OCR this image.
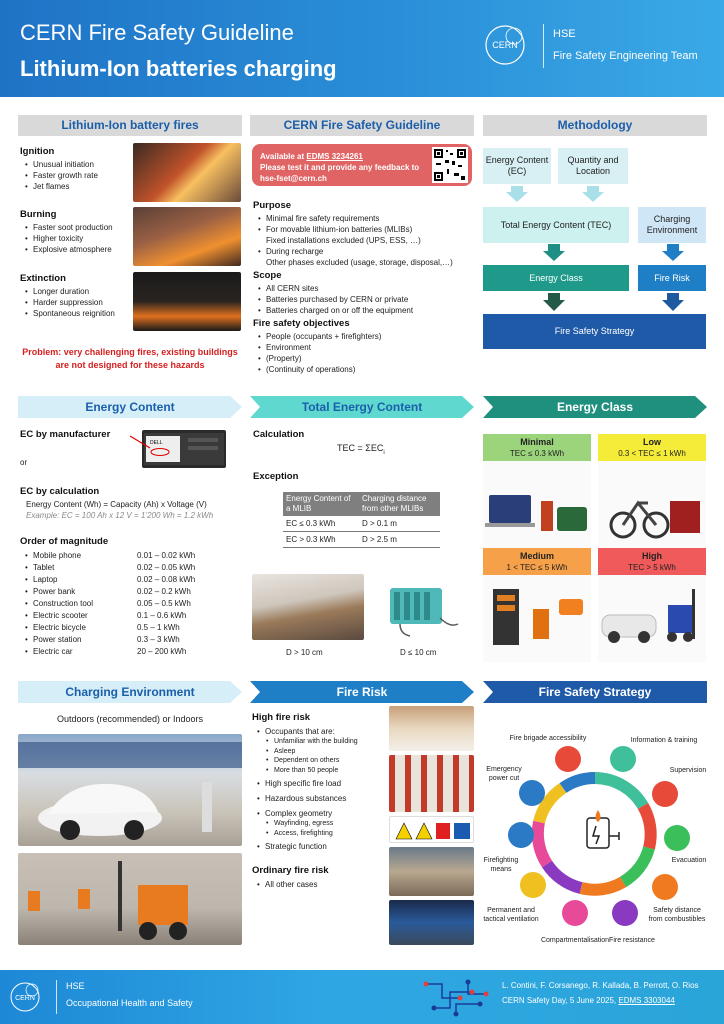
CERN Fire Safety Guideline
Lithium-Ion batteries charging
CERN
HSE
Fire Safety Engineering Team
Lithium-Ion battery fires
Ignition
• Unusual initiation
• Faster growth rate
• Jet flames
Burning
• Faster soot production
• Higher toxicity
• Explosive atmosphere
Extinction
• Longer duration
• Harder suppression
• Spontaneous reignition
Problem: very challenging fires, existing buildings are not designed for these hazards
CERN Fire Safety Guideline
Available at EDMS 3234261
Please test it and provide any feedback to hse-fset@cern.ch
Purpose
• Minimal fire safety requirements
• For movable lithium-ion batteries (MLIBs)
Fixed installations excluded (UPS, ESS, …)
• During recharge
Other phases excluded (usage, storage, disposal,…)
Scope
• All CERN sites
• Batteries purchased by CERN or private
• Batteries charged on or off the equipment
Fire safety objectives
• People (occupants + firefighters)
• Environment
• (Property)
• (Continuity of operations)
Methodology
Energy Content (EC)
Quantity and Location
Total Energy Content (TEC)
Charging Environment
Energy Class	Fire Risk
Fire Safety Strategy
Energy Content	Total Energy Content	Energy Class
EC by manufacturer
or
DELL
EC by calculation
Energy Content (Wh) = Capacity (Ah) x Voltage (V)
Example: EC = 100 Ah x 12 V = 1’200 Wh = 1.2 kWh
Order of magnitude
• Mobile phone	0.01 – 0.02 kWh
• Tablet	0.02 – 0.05 kWh
• Laptop	0.02 – 0.08 kWh
• Power bank	0.02 – 0.2 kWh
• Construction tool	0.05 – 0.5 kWh
• Electric scooter	0.1 – 0.6 kWh
• Electric bicycle	0.5 – 1 kWh
• Power station	0.3 – 3 kWh
• Electric car	20 – 200 kWh
Calculation
TEC = $\Sigma EC_i$
Exception
Energy Content of a MLIB	Charging distance from other MLIBs
EC ≤ 0.3 kWh	D > 0.1 m
EC > 0.3 kWh	D > 2.5 m
D > 10 cm	D ≤ 10 cm
Minimal
TEC ≤ 0.3 kWh
Low
0.3 < TEC ≤ 1 kWh
Medium
1 < TEC ≤ 5 kWh
High
TEC > 5 kWh
Charging Environment	Fire Risk	Fire Safety Strategy
Outdoors (recommended) or Indoors	High fire risk
• Occupants that are:
• Unfamiliar with the building
• Asleep
• Dependent on others
• More than 50 people
• High specific fire load
• Hazardous substances
• Complex geometry
• Wayfinding, egress
• Access, firefighting
• Strategic function
Ordinary fire risk
• All other cases
Fire brigade accessibility	Information & training
Emergency power cut
Supervision
Firefighting means
Evacuation
Permanent and tactical ventilation
Safety distance from combustibles
Compartmentalisation Fire resistance
CERN
HSE
Occupational Health and Safety
L. Contini, F. Corsanego, R. Kallada, B. Perrott, O. Rios
CERN Safety Day, 5 June 2025, EDMS 3303044
